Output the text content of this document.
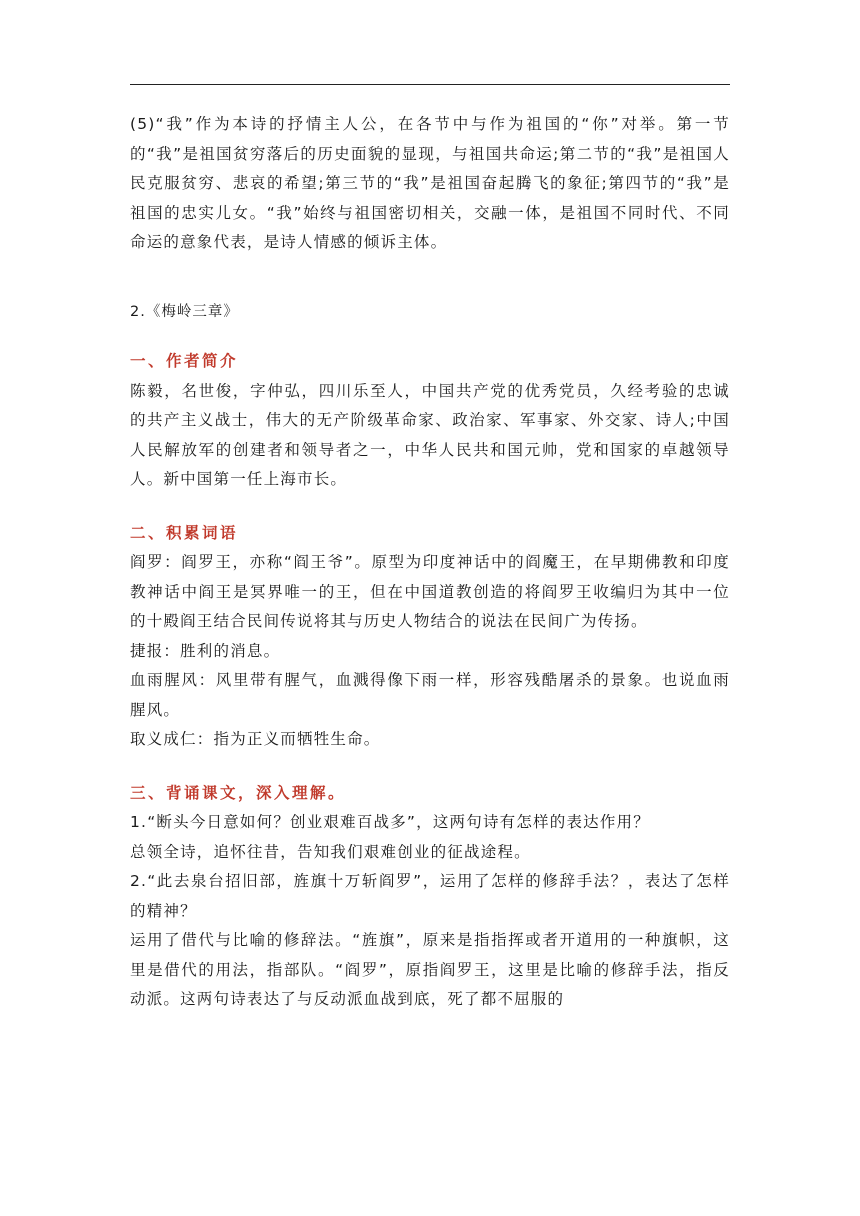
(5)“我”作为本诗的抒情主人公，在各节中与作为祖国的“你”对举。第一节的“我”是祖国贫穷落后的历史面貌的显现，与祖国共命运;第二节的“我”是祖国人民克服贫穷、悲哀的希望;第三节的“我”是祖国奋起腾飞的象征;第四节的“我”是祖国的忠实儿女。“我”始终与祖国密切相关，交融一体，是祖国不同时代、不同命运的意象代表，是诗人情感的倾诉主体。

2.《梅岭三章》

一、作者简介

陈毅，名世俊，字仲弘，四川乐至人，中国共产党的优秀党员，久经考验的忠诚的共产主义战士，伟大的无产阶级革命家、政治家、军事家、外交家、诗人;中国人民解放军的创建者和领导者之一，中华人民共和国元帅，党和国家的卓越领导人。新中国第一任上海市长。

二、积累词语

阎罗：阎罗王，亦称“阎王爷”。原型为印度神话中的阎魔王，在早期佛教和印度教神话中阎王是冥界唯一的王，但在中国道教创造的将阎罗王收编归为其中一位的十殿阎王结合民间传说将其与历史人物结合的说法在民间广为传扬。

捷报：胜利的消息。

血雨腥风：风里带有腥气，血溅得像下雨一样，形容残酷屠杀的景象。也说血雨腥风。

取义成仁：指为正义而牺牲生命。

三、背诵课文，深入理解。

1.“断头今日意如何？创业艰难百战多”，这两句诗有怎样的表达作用？

总领全诗，追怀往昔，告知我们艰难创业的征战途程。

2.“此去泉台招旧部，旌旗十万斩阎罗”，运用了怎样的修辞手法？，表达了怎样的精神？

运用了借代与比喻的修辞法。“旌旗”，原来是指指挥或者开道用的一种旗帜，这里是借代的用法，指部队。“阎罗”，原指阎罗王，这里是比喻的修辞手法，指反动派。这两句诗表达了与反动派血战到底，死了都不屈服的
